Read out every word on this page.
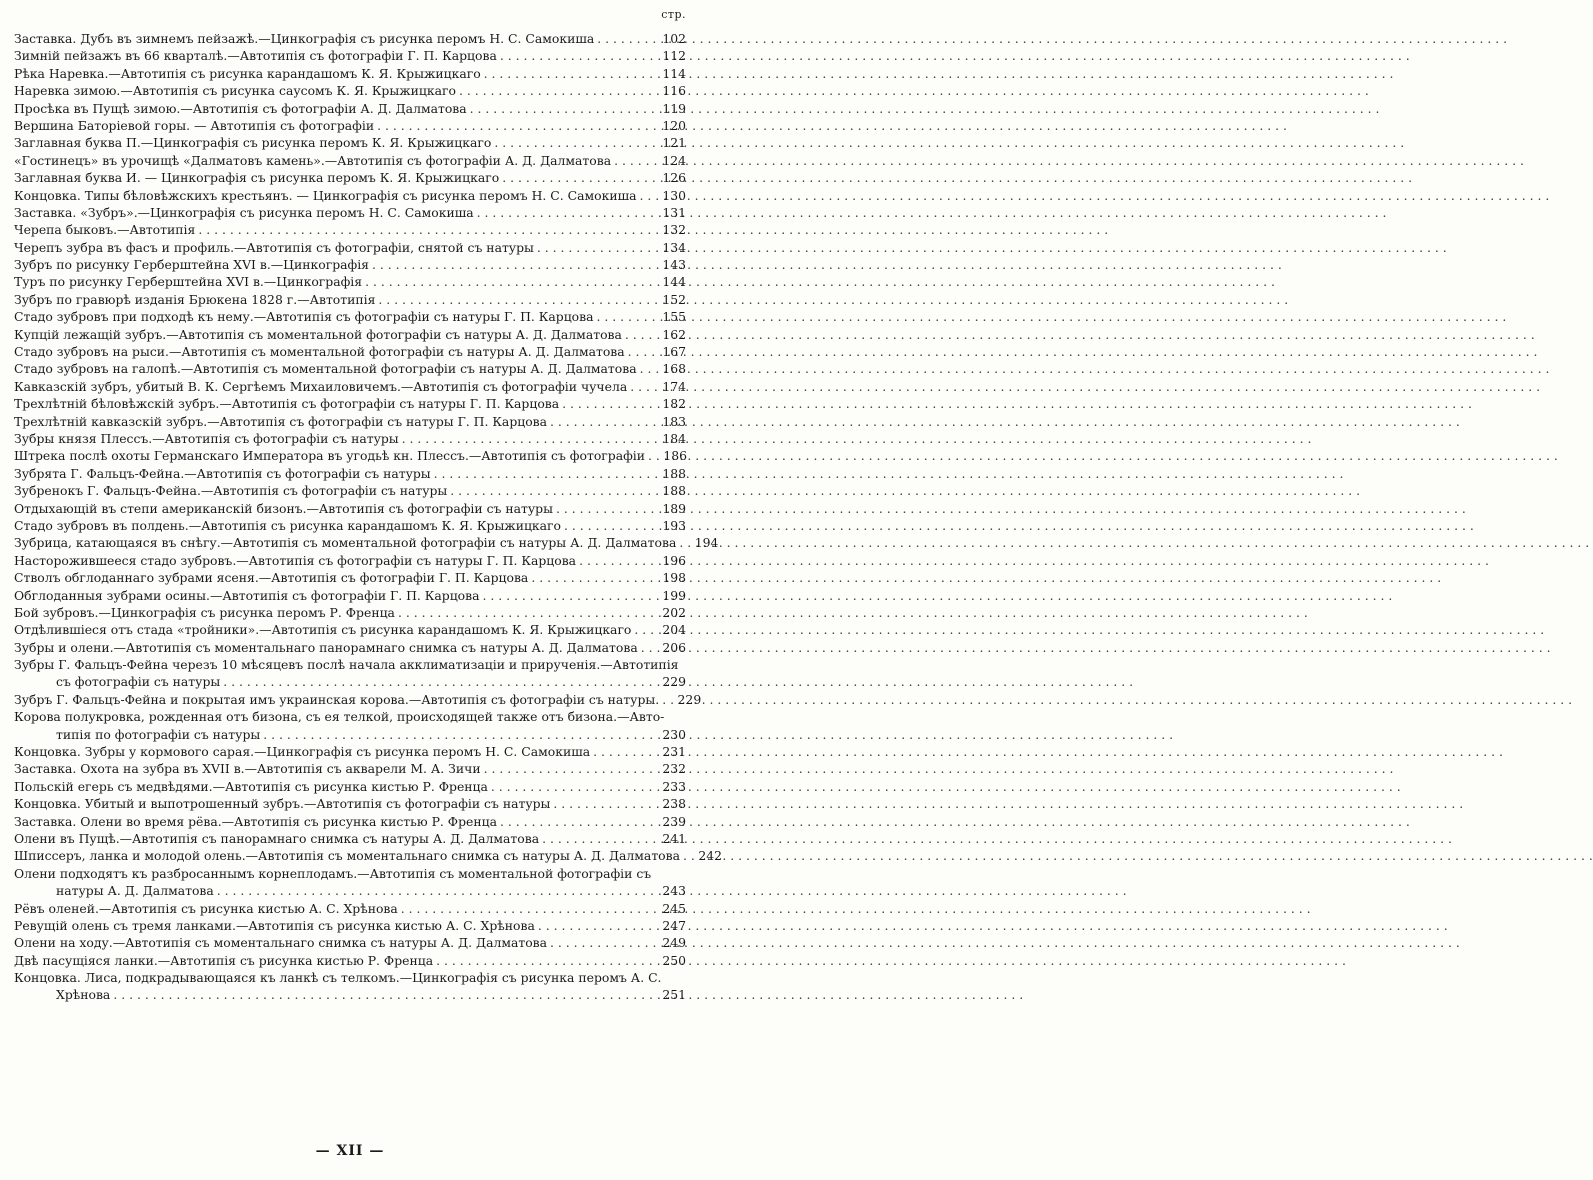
стр.
Заставка. Дубъ въ зимнемъ пейзажѣ.—Цинкографія съ рисунка перомъ Н. С. Самокиша . . .	102
Зимній пейзажъ въ 66 кварталѣ.—Автотипія съ фотографіи Г. П. Карцова . . .	112
Рѣка Наревка.—Автотипія съ рисунка карандашомъ К. Я. Крыжицкаго . . .	114
Наревка зимою.—Автотипія съ рисунка саусомъ К. Я. Крыжицкаго . . .	116
Просѣка въ Пущѣ зимою.—Автотипія съ фотографіи А. Д. Далматова . . .	119
Вершина Баторіевой горы. — Автотипія съ фотографіи . . .	120
Заглавная буква П.—Цинкографія съ рисунка перомъ К. Я. Крыжицкаго . . .	121
«Гостинецъ» въ урочищѣ «Далматовъ камень».—Автотипія съ фотографіи А. Д. Далматова . . .	124
Заглавная буква И. — Цинкографія съ рисунка перомъ К. Я. Крыжицкаго . . .	126
Концовка. Типы бѣловѣжскихъ крестьянъ. — Цинкографія съ рисунка перомъ Н. С. Самокиша . . .	130
Заставка. «Зубръ».—Цинкографія съ рисунка перомъ Н. С. Самокиша . . .	131
Черепа быковъ.—Автотипія . . .	132
Черепъ зубра въ фасъ и профиль.—Автотипія съ фотографіи, снятой съ натуры . . .	134
Зубръ по рисунку Герберштейна XVI в.—Цинкографія . . .	143
Туръ по рисунку Герберштейна XVI в.—Цинкографія . . .	144
Зубръ по гравюрѣ изданія Брюкена 1828 г.—Автотипія . . .	152
Стадо зубровъ при подходѣ къ нему.—Автотипія съ фотографіи съ натуры Г. П. Карцова . . .	155
Купцій лежащій зубръ.—Автотипія съ моментальной фотографіи съ натуры А. Д. Далматова . . .	162
Стадо зубровъ на рыси.—Автотипія съ моментальной фотографіи съ натуры А. Д. Далматова . . .	167
Стадо зубровъ на галопѣ.—Автотипія съ моментальной фотографіи съ натуры А. Д. Далматова . . .	168
Кавказскій зубръ, убитый В. К. Сергѣемъ Михаиловичемъ.—Автотипія съ фотографіи чучела . . .	174
Трехлѣтній бѣловѣжскій зубръ.—Автотипія съ фотографіи съ натуры Г. П. Карцова . . .	182
Трехлѣтній кавказскій зубръ.—Автотипія съ фотографіи съ натуры Г. П. Карцова . . .	183
Зубры князя Плессъ.—Автотипія съ фотографіи съ натуры . . .	184
Штрека послѣ охоты Германскаго Императора въ угодьѣ кн. Плессъ.—Автотипія съ фотографіи . . .	186
Зубрята Г. Фальцъ-Фейна.—Автотипія съ фотографіи съ натуры . . .	188
Зубренокъ Г. Фальцъ-Фейна.—Автотипія съ фотографіи съ натуры . . .	188
Отдыхающій въ степи американскій бизонъ.—Автотипія съ фотографіи съ натуры . . .	189
Стадо зубровъ въ полдень.—Автотипія съ рисунка карандашомъ К. Я. Крыжицкаго . . .	193
Зубрица, катающаяся въ снѣгу.—Автотипія съ моментальной фотографіи съ натуры А. Д. Далматова . . .	194
Насторожившееся стадо зубровъ.—Автотипія съ фотографіи съ натуры Г. П. Карцова . . .	196
Стволъ обглоданнаго зубрами ясеня.—Автотипія съ фотографіи Г. П. Карцова . . .	198
Обглоданныя зубрами осины.—Автотипія съ фотографіи Г. П. Карцова . . .	199
Бой зубровъ.—Цинкографія съ рисунка перомъ Р. Френца . . .	202
Отдѣлившіеся отъ стада «тройники».—Автотипія съ рисунка карандашомъ К. Я. Крыжицкаго . . .	204
Зубры и олени.—Автотипія съ моментальнаго панорамнаго снимка съ натуры А. Д. Далматова . . .	206
Зубры Г. Фальцъ-Фейна черезъ 10 мѣсяцевъ послѣ начала акклиматизаціи и прирученія.—Автотипія
съ фотографіи съ натуры . . .	229
Зубръ Г. Фальцъ-Фейна и покрытая имъ украинская корова.—Автотипія съ фотографіи съ натуры. . . .	229
Корова полукровка, рожденная отъ бизона, съ ея телкой, происходящей также отъ бизона.—Авто-
типія по фотографіи съ натуры . . .	230
Концовка. Зубры у кормового сарая.—Цинкографія съ рисунка перомъ Н. С. Самокиша . . .	231
Заставка. Охота на зубра въ XVII в.—Автотипія съ акварели М. А. Зичи . . .	232
Польскій егерь съ медвѣдями.—Автотипія съ рисунка кистью Р. Френца . . .	233
Концовка. Убитый и выпотрошенный зубръ.—Автотипія съ фотографіи съ натуры . . .	238
Заставка. Олени во время рёва.—Автотипія съ рисунка кистью Р. Френца . . .	239
Олени въ Пущѣ.—Автотипія съ панорамнаго снимка съ натуры А. Д. Далматова . . .	241
Шписсеръ, ланка и молодой олень.—Автотипія съ моментальнаго снимка съ натуры А. Д. Далматова . . .	242
Олени подходятъ къ разбросаннымъ корнеплодамъ.—Автотипія съ моментальной фотографіи съ
натуры А. Д. Далматова . . .	243
Рёвъ оленей.—Автотипія съ рисунка кистью А. С. Хрѣнова . . .	245
Ревущій олень съ тремя ланками.—Автотипія съ рисунка кистью А. С. Хрѣнова . . .	247
Олени на ходу.—Автотипія съ моментальнаго снимка съ натуры А. Д. Далматова . . .	249
Двѣ пасущіяся ланки.—Автотипія съ рисунка кистью Р. Френца . . .	250
Концовка. Лиса, подкрадывающаяся къ ланкѣ съ телкомъ.—Цинкографія съ рисунка перомъ А. С.
Хрѣнова . . .	251
— XII —
